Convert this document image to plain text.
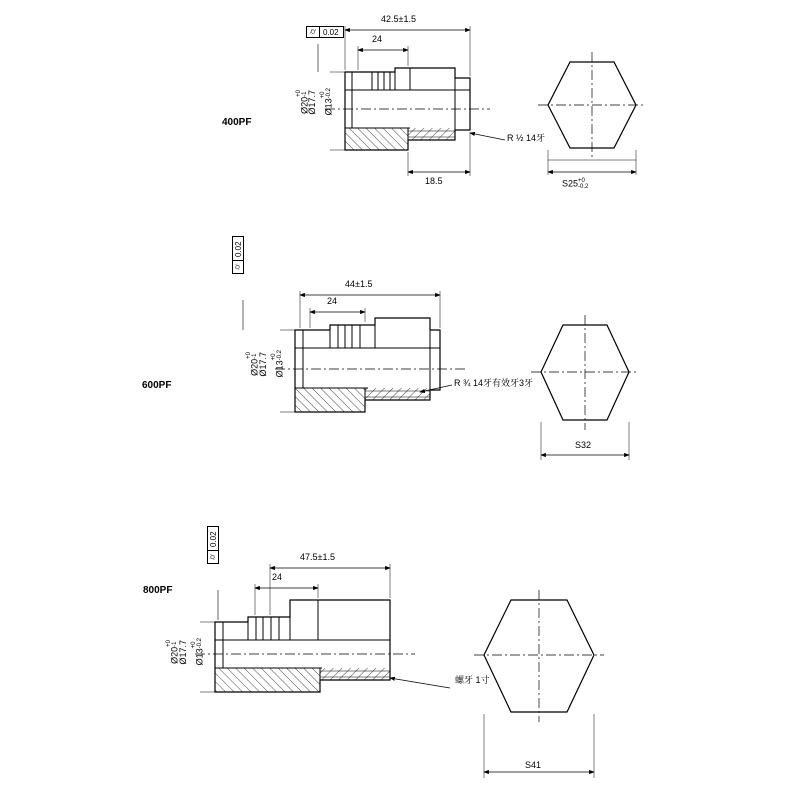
⌭ 0.02
400PF
42.5±1.5
24
18.5
Ø20+0
-1 Ø17.7 Ø13+0
-0.2
R ½ 14牙
S25+0
-0.2
⌭
0.02
600PF
44±1.5
24
Ø20+0
-1 Ø17.7 Ø13+0
-0.2
R ¾ 14牙有效牙3牙
S32
⌭
0.02
800PF
47.5±1.5
24
Ø20+0
-1 Ø17.7 Ø13+0
-0.2
螺牙 1寸
S41
